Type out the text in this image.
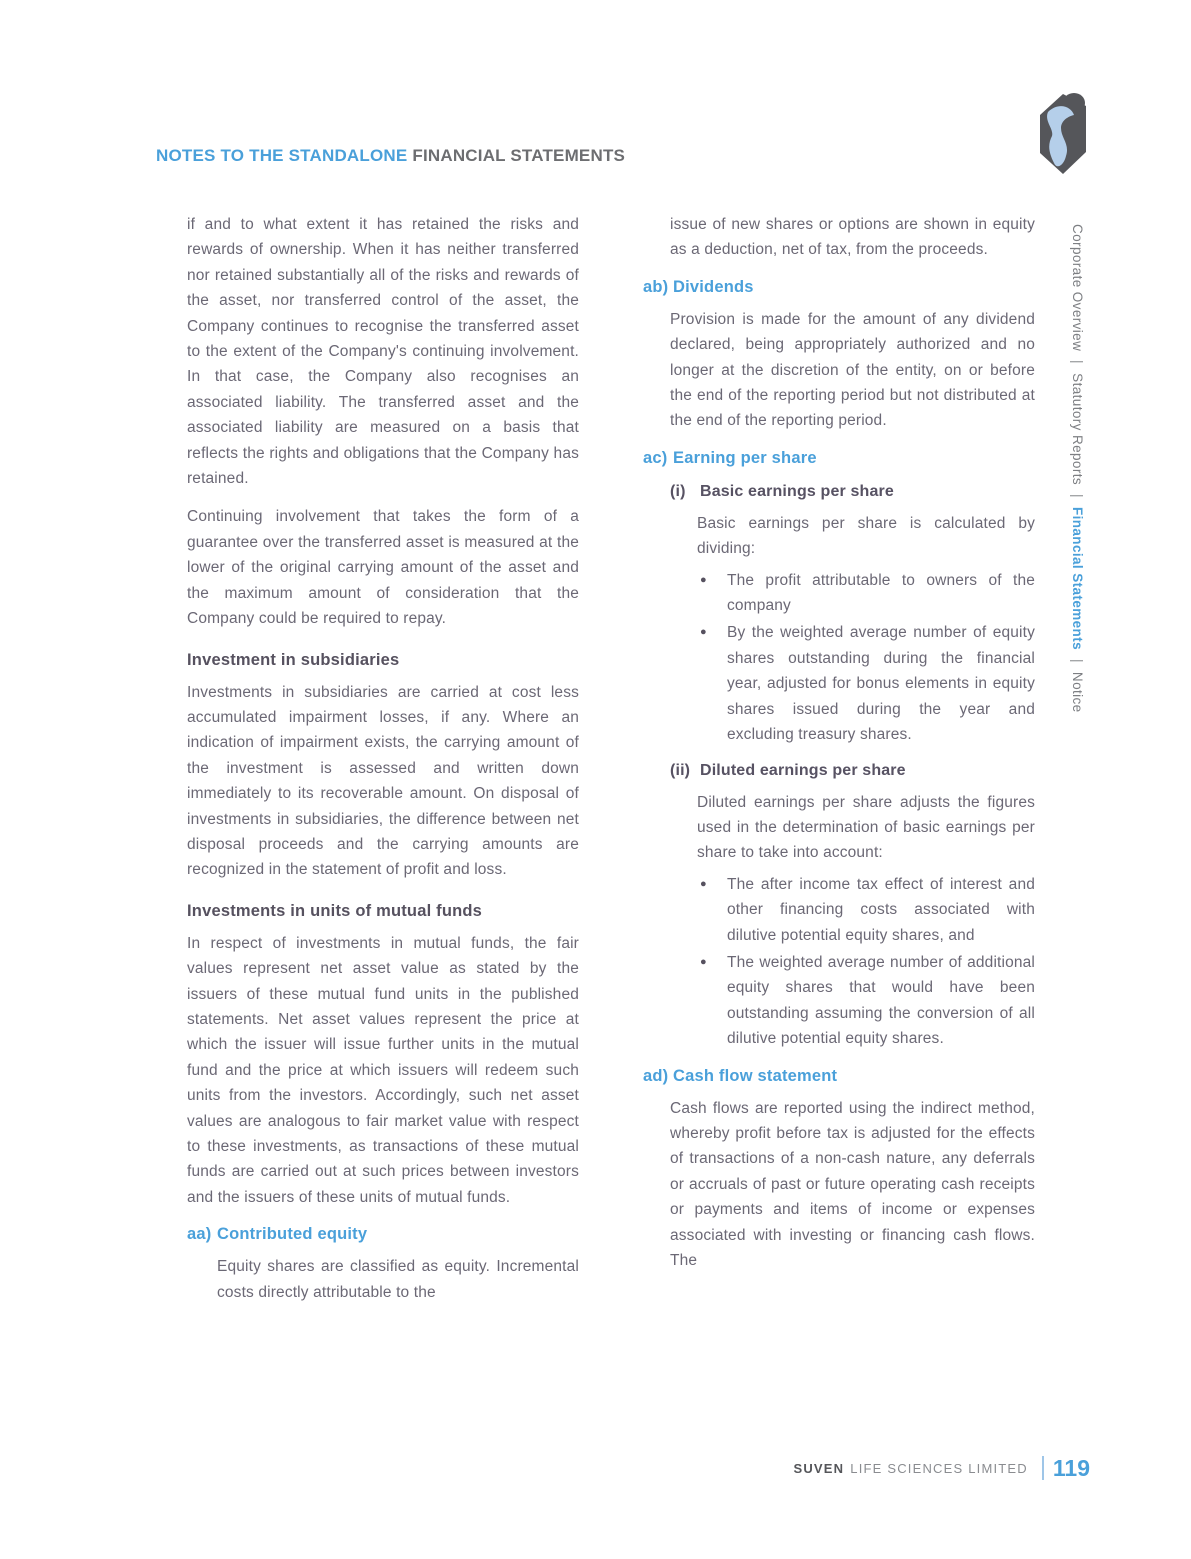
NOTES TO THE STANDALONE FINANCIAL STATEMENTS

if and to what extent it has retained the risks and rewards of ownership. When it has neither transferred nor retained substantially all of the risks and rewards of the asset, nor transferred control of the asset, the Company continues to recognise the transferred asset to the extent of the Company's continuing involvement. In that case, the Company also recognises an associated liability. The transferred asset and the associated liability are measured on a basis that reflects the rights and obligations that the Company has retained.

Continuing involvement that takes the form of a guarantee over the transferred asset is measured at the lower of the original carrying amount of the asset and the maximum amount of consideration that the Company could be required to repay.

Investment in subsidiaries

Investments in subsidiaries are carried at cost less accumulated impairment losses, if any. Where an indication of impairment exists, the carrying amount of the investment is assessed and written down immediately to its recoverable amount. On disposal of investments in subsidiaries, the difference between net disposal proceeds and the carrying amounts are recognized in the statement of profit and loss.

Investments in units of mutual funds

In respect of investments in mutual funds, the fair values represent net asset value as stated by the issuers of these mutual fund units in the published statements. Net asset values represent the price at which the issuer will issue further units in the mutual fund and the price at which issuers will redeem such units from the investors. Accordingly, such net asset values are analogous to fair market value with respect to these investments, as transactions of these mutual funds are carried out at such prices between investors and the issuers of these units of mutual funds.

aa) Contributed equity

Equity shares are classified as equity. Incremental costs directly attributable to the

issue of new shares or options are shown in equity as a deduction, net of tax, from the proceeds.

ab) Dividends

Provision is made for the amount of any dividend declared, being appropriately authorized and no longer at the discretion of the entity, on or before the end of the reporting period but not distributed at the end of the reporting period.

ac) Earning per share
(i) Basic earnings per share

Basic earnings per share is calculated by dividing:

●	The profit attributable to owners of the company
●	By the weighted average number of equity shares outstanding during the financial year, adjusted for bonus elements in equity shares issued during the year and excluding treasury shares.
(ii) Diluted earnings per share

Diluted earnings per share adjusts the figures used in the determination of basic earnings per share to take into account:

●	The after income tax effect of interest and other financing costs associated with dilutive potential equity shares, and
●	The weighted average number of additional equity shares that would have been outstanding assuming the conversion of all dilutive potential equity shares.
ad) Cash flow statement

Cash flows are reported using the indirect method, whereby profit before tax is adjusted for the effects of transactions of a non-cash nature, any deferrals or accruals of past or future operating cash receipts or payments and items of income or expenses associated with investing or financing cash flows. The

Corporate Overview|Statutory Reports|Financial Statements|Notice
SUVEN LIFE SCIENCES LIMITED 119
